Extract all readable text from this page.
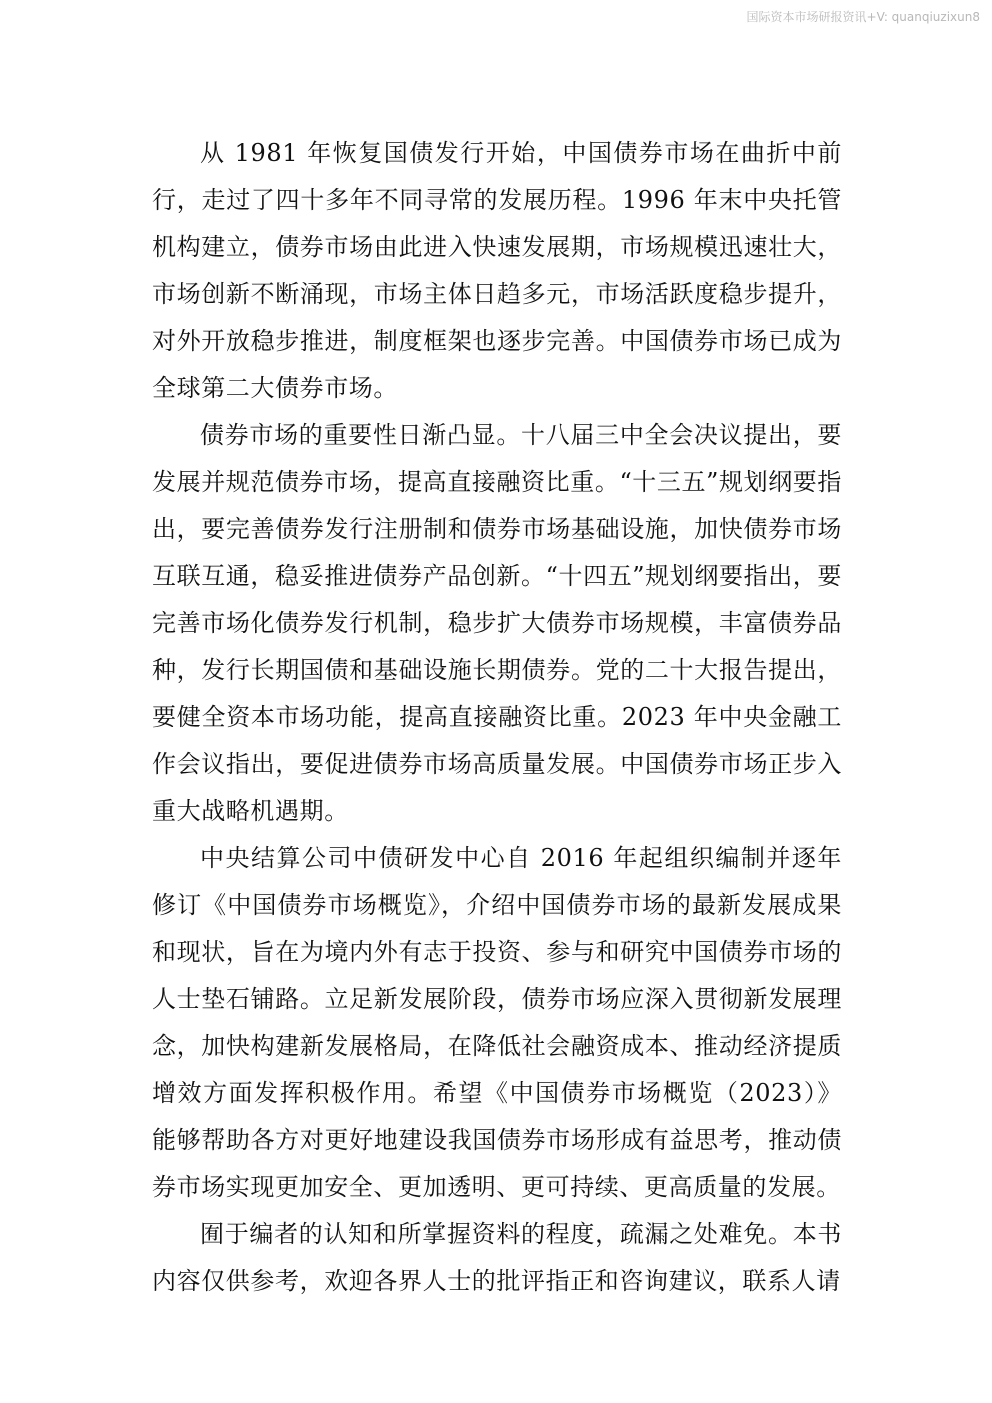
国际资本市场研报资讯+V: quanqiuzixun8

从 1981 年恢复国债发行开始，中国债券市场在曲折中前行，走过了四十多年不同寻常的发展历程。1996 年末中央托管机构建立，债券市场由此进入快速发展期，市场规模迅速壮大，市场创新不断涌现，市场主体日趋多元，市场活跃度稳步提升，对外开放稳步推进，制度框架也逐步完善。中国债券市场已成为全球第二大债券市场。

债券市场的重要性日渐凸显。十八届三中全会决议提出，要发展并规范债券市场，提高直接融资比重。“十三五”规划纲要指出，要完善债券发行注册制和债券市场基础设施，加快债券市场互联互通，稳妥推进债券产品创新。“十四五”规划纲要指出，要完善市场化债券发行机制，稳步扩大债券市场规模，丰富债券品种，发行长期国债和基础设施长期债券。党的二十大报告提出，要健全资本市场功能，提高直接融资比重。2023 年中央金融工作会议指出，要促进债券市场高质量发展。中国债券市场正步入重大战略机遇期。

中央结算公司中债研发中心自 2016 年起组织编制并逐年修订《中国债券市场概览》，介绍中国债券市场的最新发展成果和现状，旨在为境内外有志于投资、参与和研究中国债券市场的人士垫石铺路。立足新发展阶段，债券市场应深入贯彻新发展理念，加快构建新发展格局，在降低社会融资成本、推动经济提质增效方面发挥积极作用。希望《中国债券市场概览（2023）》能够帮助各方对更好地建设我国债券市场形成有益思考，推动债券市场实现更加安全、更加透明、更可持续、更高质量的发展。

囿于编者的认知和所掌握资料的程度，疏漏之处难免。本书内容仅供参考，欢迎各界人士的批评指正和咨询建议，联系人请
